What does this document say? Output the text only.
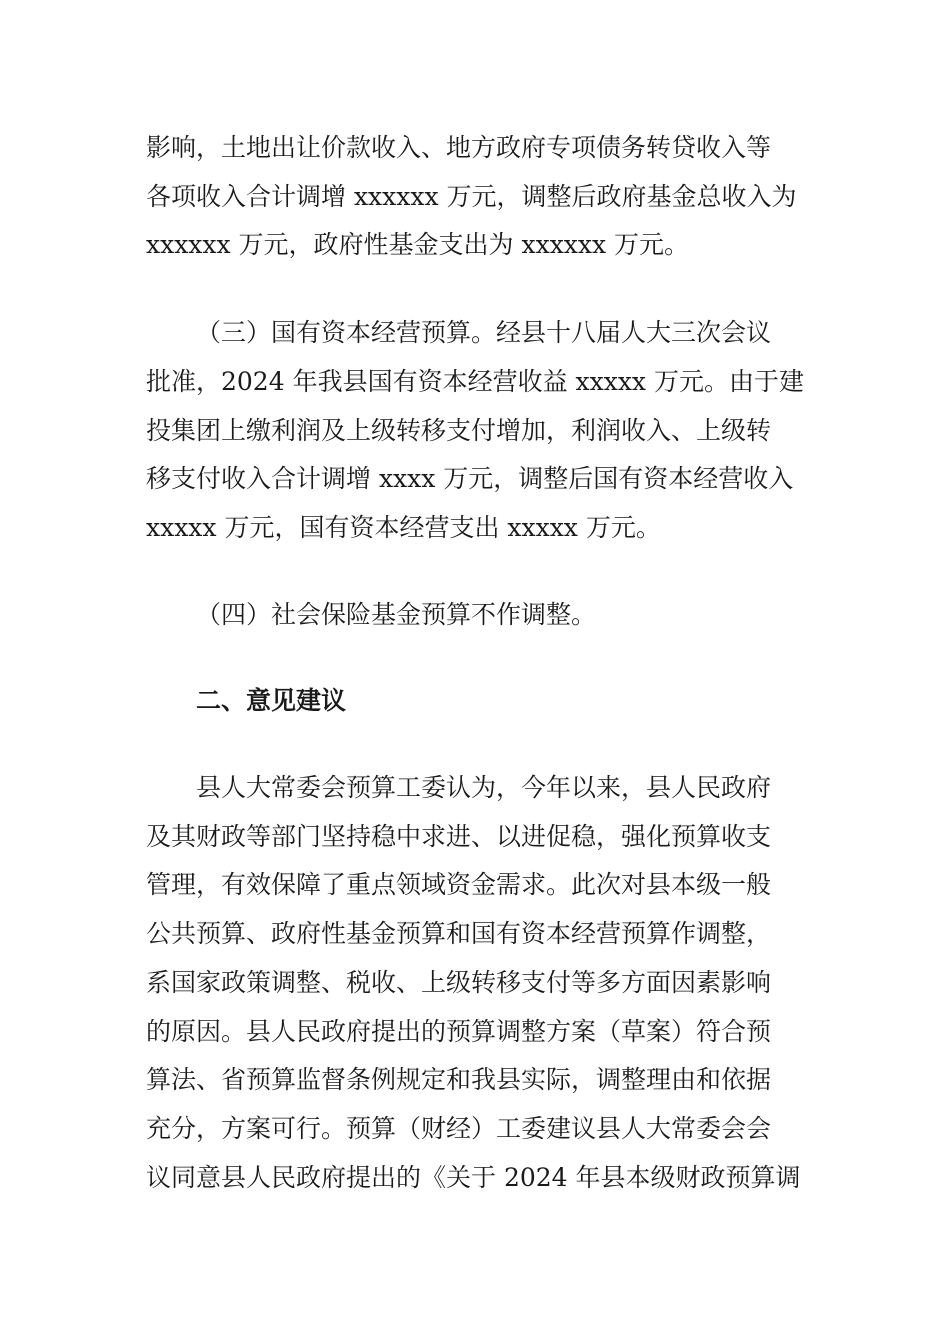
影响，土地出让价款收入、地方政府专项债务转贷收入等
各项收入合计调增 xxxxxx 万元，调整后政府基金总收入为
xxxxxx 万元，政府性基金支出为 xxxxxx 万元。

（三）国有资本经营预算。经县十八届人大三次会议
批准，2024 年我县国有资本经营收益 xxxxx 万元。由于建
投集团上缴利润及上级转移支付增加，利润收入、上级转
移支付收入合计调增 xxxx 万元，调整后国有资本经营收入
xxxxx 万元，国有资本经营支出 xxxxx 万元。

（四）社会保险基金预算不作调整。

二、意见建议

县人大常委会预算工委认为，今年以来，县人民政府
及其财政等部门坚持稳中求进、以进促稳，强化预算收支
管理，有效保障了重点领域资金需求。此次对县本级一般
公共预算、政府性基金预算和国有资本经营预算作调整，
系国家政策调整、税收、上级转移支付等多方面因素影响
的原因。县人民政府提出的预算调整方案（草案）符合预
算法、省预算监督条例规定和我县实际，调整理由和依据
充分，方案可行。预算（财经）工委建议县人大常委会会
议同意县人民政府提出的《关于 2024 年县本级财政预算调
